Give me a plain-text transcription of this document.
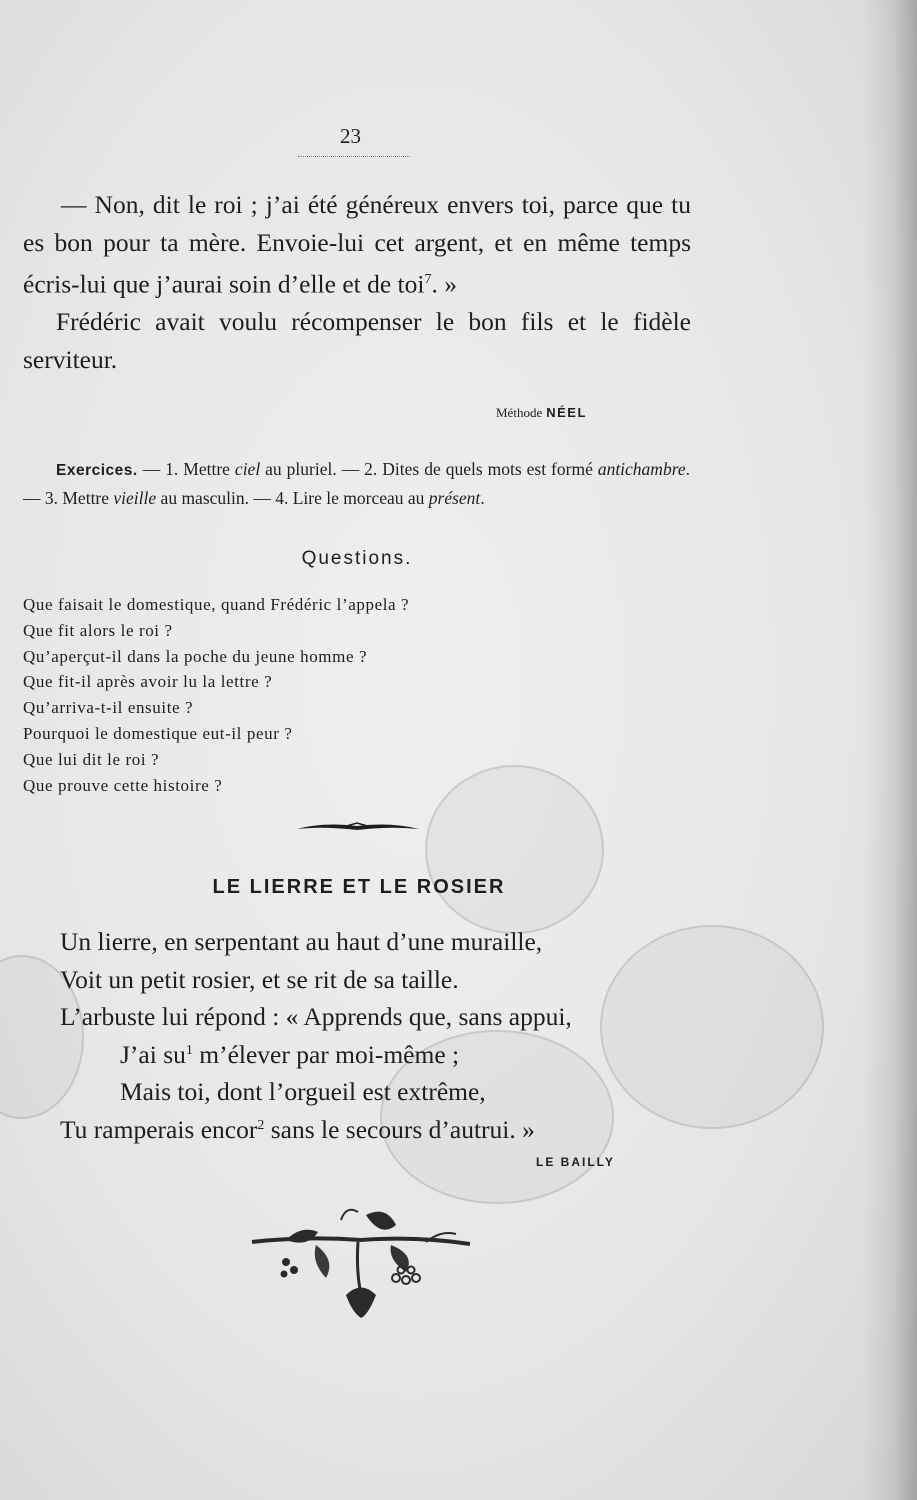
23

— Non, dit le roi ; j’ai été généreux envers toi, parce que tu es bon pour ta mère. Envoie-lui cet argent, et en même temps écris-lui que j’aurai soin d’elle et de toi$^7$. »

Frédéric avait voulu récompenser le bon fils et le fidèle serviteur.

Méthode NÉEL

Exercices. — 1. Mettre ciel au pluriel. — 2. Dites de quels mots est formé antichambre. — 3. Mettre vieille au masculin. — 4. Lire le morceau au présent.

Questions.
Que faisait le domestique, quand Frédéric l’appela ?
Que fit alors le roi ?
Qu’aperçut-il dans la poche du jeune homme ?
Que fit-il après avoir lu la lettre ?
Qu’arriva-t-il ensuite ?
Pourquoi le domestique eut-il peur ?
Que lui dit le roi ?
Que prouve cette histoire ?
LE LIERRE ET LE ROSIER
Un lierre, en serpentant au haut d’une muraille,
Voit un petit rosier, et se rit de sa taille.
L’arbuste lui répond : « Apprends que, sans appui,
J’ai $su^1$ m’élever par moi-même ;
Mais toi, dont l’orgueil est extrême,
Tu ramperais encor$^2$ sans le secours d’autrui. »
LE BAILLY
